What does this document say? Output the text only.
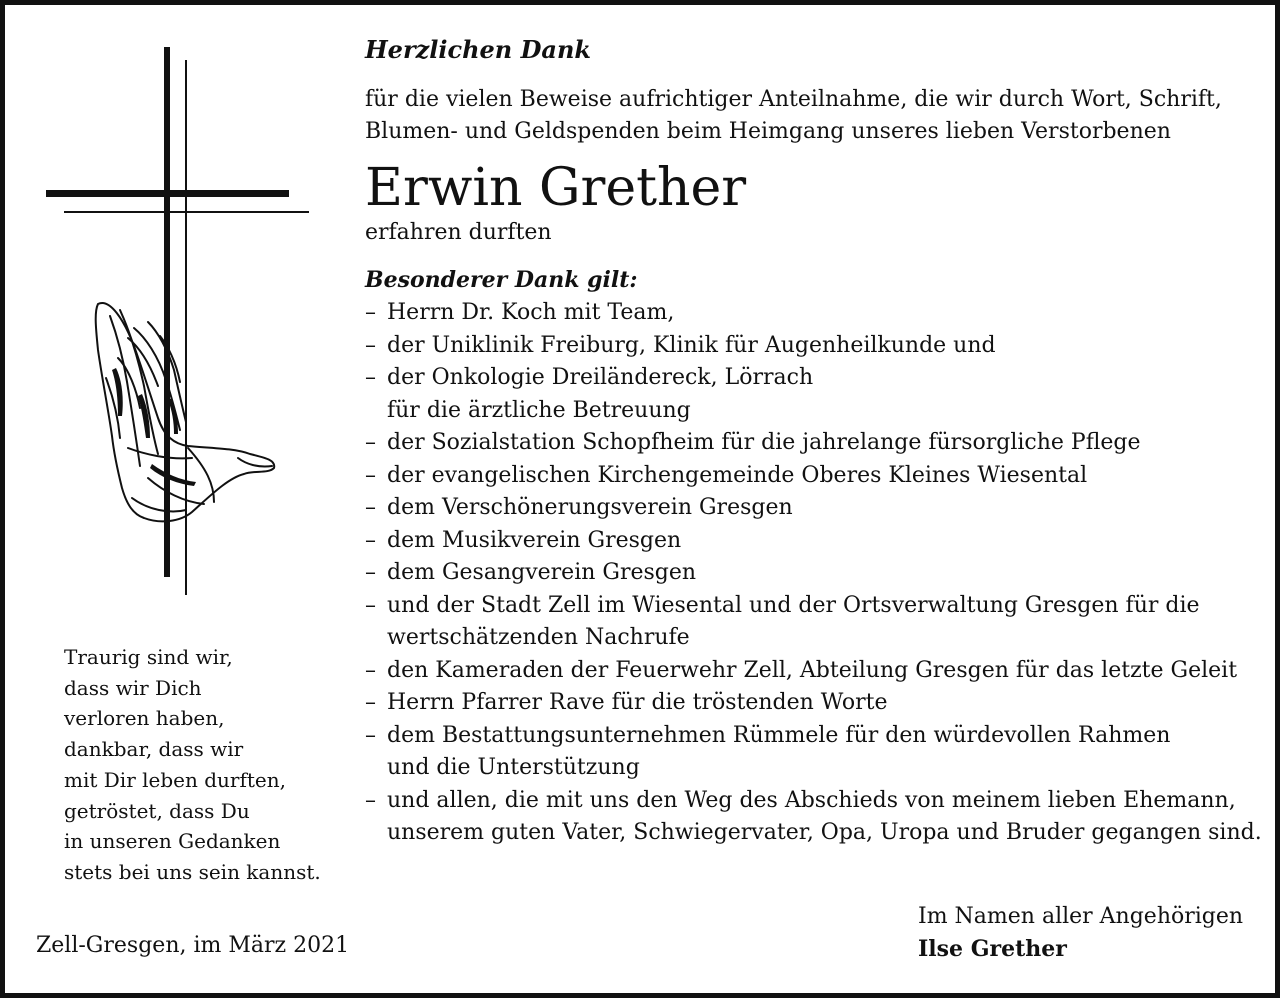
Traurig sind wir,
dass wir Dich
verloren haben,
dankbar, dass wir
mit Dir leben durften,
getröstet, dass Du
in unseren Gedanken
stets bei uns sein kannst.
Zell-Gresgen, im März 2021
Herzlichen Dank
für die vielen Beweise aufrichtiger Anteilnahme, die wir durch Wort, Schrift,
Blumen- und Geldspenden beim Heimgang unseres lieben Verstorbenen
Erwin Grether
erfahren durften
Besonderer Dank gilt:
– Herrn Dr. Koch mit Team,
– der Uniklinik Freiburg, Klinik für Augenheilkunde und
– der Onkologie Dreiländereck, Lörrach
für die ärztliche Betreuung
– der Sozialstation Schopfheim für die jahrelange fürsorgliche Pflege
– der evangelischen Kirchengemeinde Oberes Kleines Wiesental
– dem Verschönerungsverein Gresgen
– dem Musikverein Gresgen
– dem Gesangverein Gresgen
– und der Stadt Zell im Wiesental und der Ortsverwaltung Gresgen für die
wertschätzenden Nachrufe
– den Kameraden der Feuerwehr Zell, Abteilung Gresgen für das letzte Geleit
– Herrn Pfarrer Rave für die tröstenden Worte
– dem Bestattungsunternehmen Rümmele für den würdevollen Rahmen
und die Unterstützung
– und allen, die mit uns den Weg des Abschieds von meinem lieben Ehemann,
unserem guten Vater, Schwiegervater, Opa, Uropa und Bruder gegangen sind.
Im Namen aller Angehörigen
Ilse Grether
